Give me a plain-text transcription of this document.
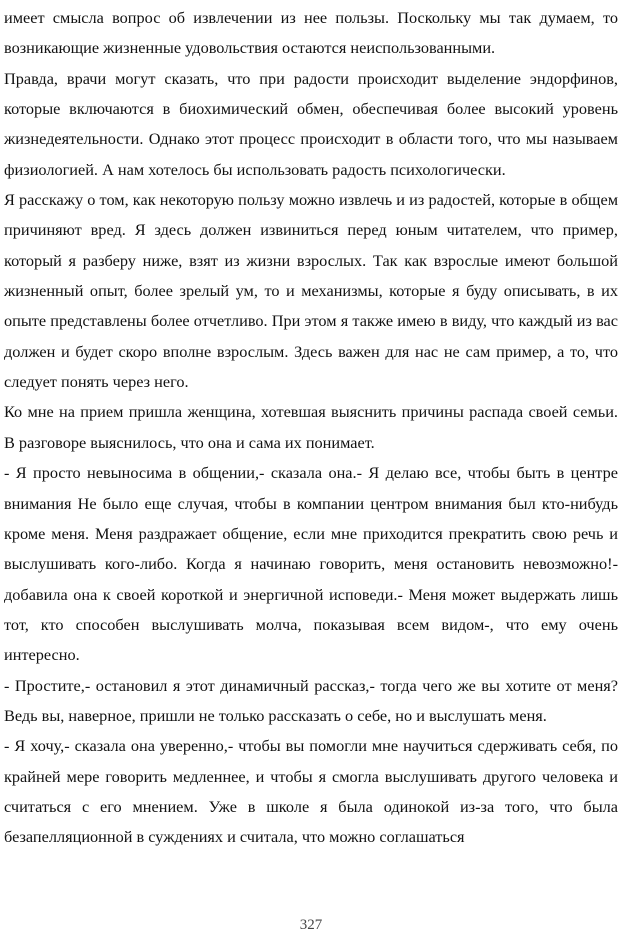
имеет смысла вопрос об извлечении из нее пользы. Поскольку мы так думаем, то возникающие жизненные удовольствия остаются неиспользованными.

Правда, врачи могут сказать, что при радости происходит выделение эндорфинов, которые включаются в биохимический обмен, обеспечивая более высокий уровень жизнедеятельности. Однако этот процесс происходит в области того, что мы называем физиологией. А нам хотелось бы использовать радость психологически.

Я расскажу о том, как некоторую пользу можно извлечь и из радостей, которые в общем причиняют вред. Я здесь должен извиниться перед юным читателем, что пример, который я разберу ниже, взят из жизни взрослых. Так как взрослые имеют большой жизненный опыт, более зрелый ум, то и механизмы, которые я буду описывать, в их опыте представлены более отчетливо. При этом я также имею в виду, что каждый из вас должен и будет скоро вполне взрослым. Здесь важен для нас не сам пример, а то, что следует понять через него.

Ко мне на прием пришла женщина, хотевшая выяснить причины распада своей семьи. В разговоре выяснилось, что она и сама их понимает.

- Я просто невыносима в общении,- сказала она.- Я делаю все, чтобы быть в центре внимания Не было еще случая, чтобы в компании центром внимания был кто-нибудь кроме меня. Меня раздражает общение, если мне приходится прекратить свою речь и выслушивать кого-либо. Когда я начинаю говорить, меня остановить невозможно!- добавила она к своей короткой и энергичной исповеди.- Меня может выдержать лишь тот, кто способен выслушивать молча, показывая всем видом-, что ему очень интересно.

- Простите,- остановил я этот динамичный рассказ,- тогда чего же вы хотите от меня? Ведь вы, наверное, пришли не только рассказать о себе, но и выслушать меня.

- Я хочу,- сказала она уверенно,- чтобы вы помогли мне научиться сдерживать себя, по крайней мере говорить медленнее, и чтобы я смогла выслушивать другого человека и считаться с его мнением. Уже в школе я была одинокой из-за того, что была безапелляционной в суждениях и считала, что можно соглашаться

327
